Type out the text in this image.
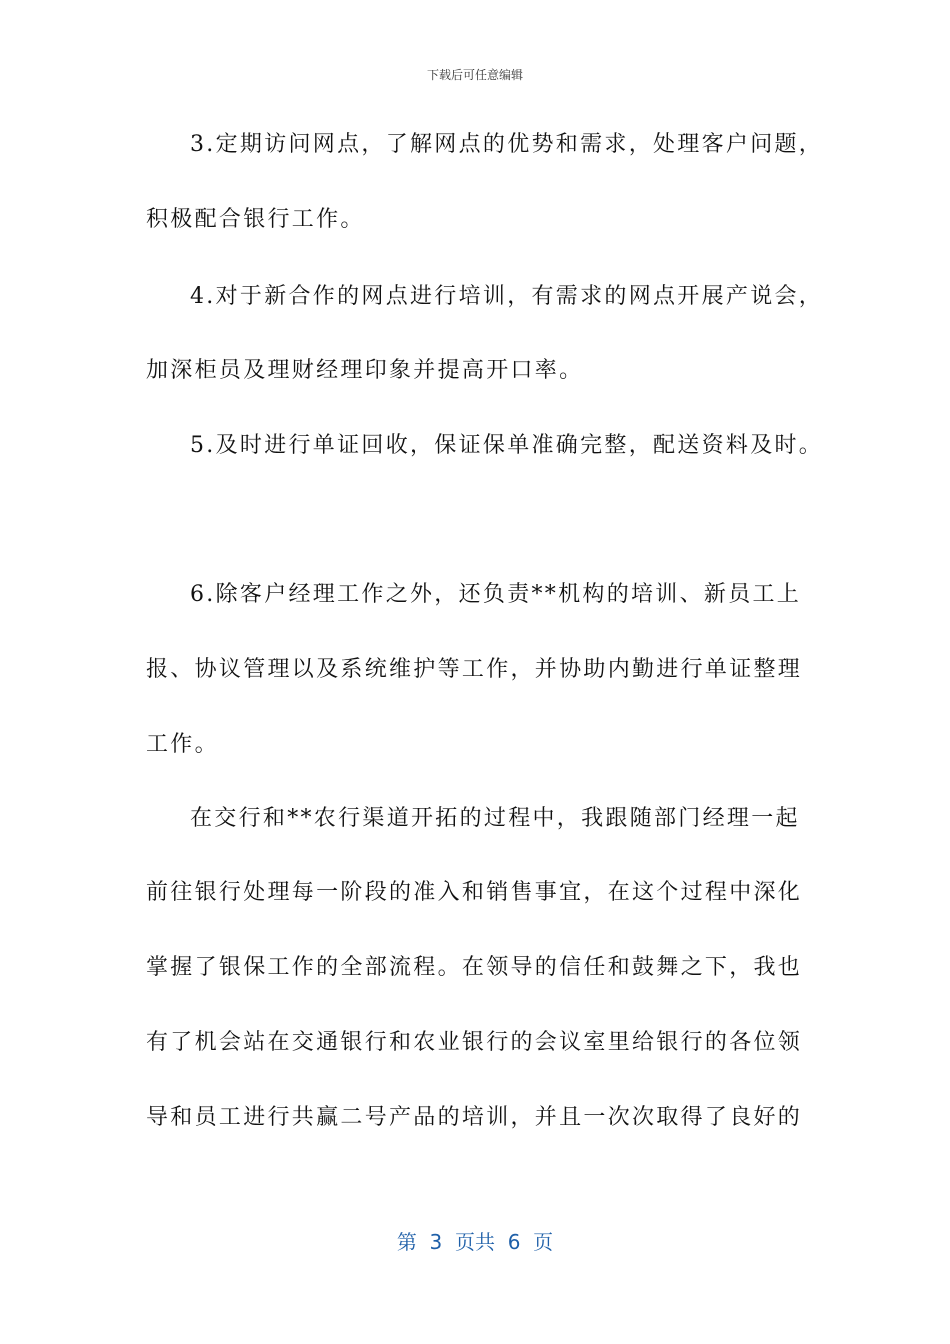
下载后可任意编辑
3.定期访问网点，了解网点的优势和需求，处理客户问题，
积极配合银行工作。
4.对于新合作的网点进行培训，有需求的网点开展产说会，
加深柜员及理财经理印象并提高开口率。
5.及时进行单证回收，保证保单准确完整，配送资料及时。
6.除客户经理工作之外，还负责**机构的培训、新员工上
报、协议管理以及系统维护等工作，并协助内勤进行单证整理
工作。
在交行和**农行渠道开拓的过程中，我跟随部门经理一起
前往银行处理每一阶段的准入和销售事宜，在这个过程中深化
掌握了银保工作的全部流程。在领导的信任和鼓舞之下，我也
有了机会站在交通银行和农业银行的会议室里给银行的各位领
导和员工进行共赢二号产品的培训，并且一次次取得了良好的
第  3  页共  6  页
